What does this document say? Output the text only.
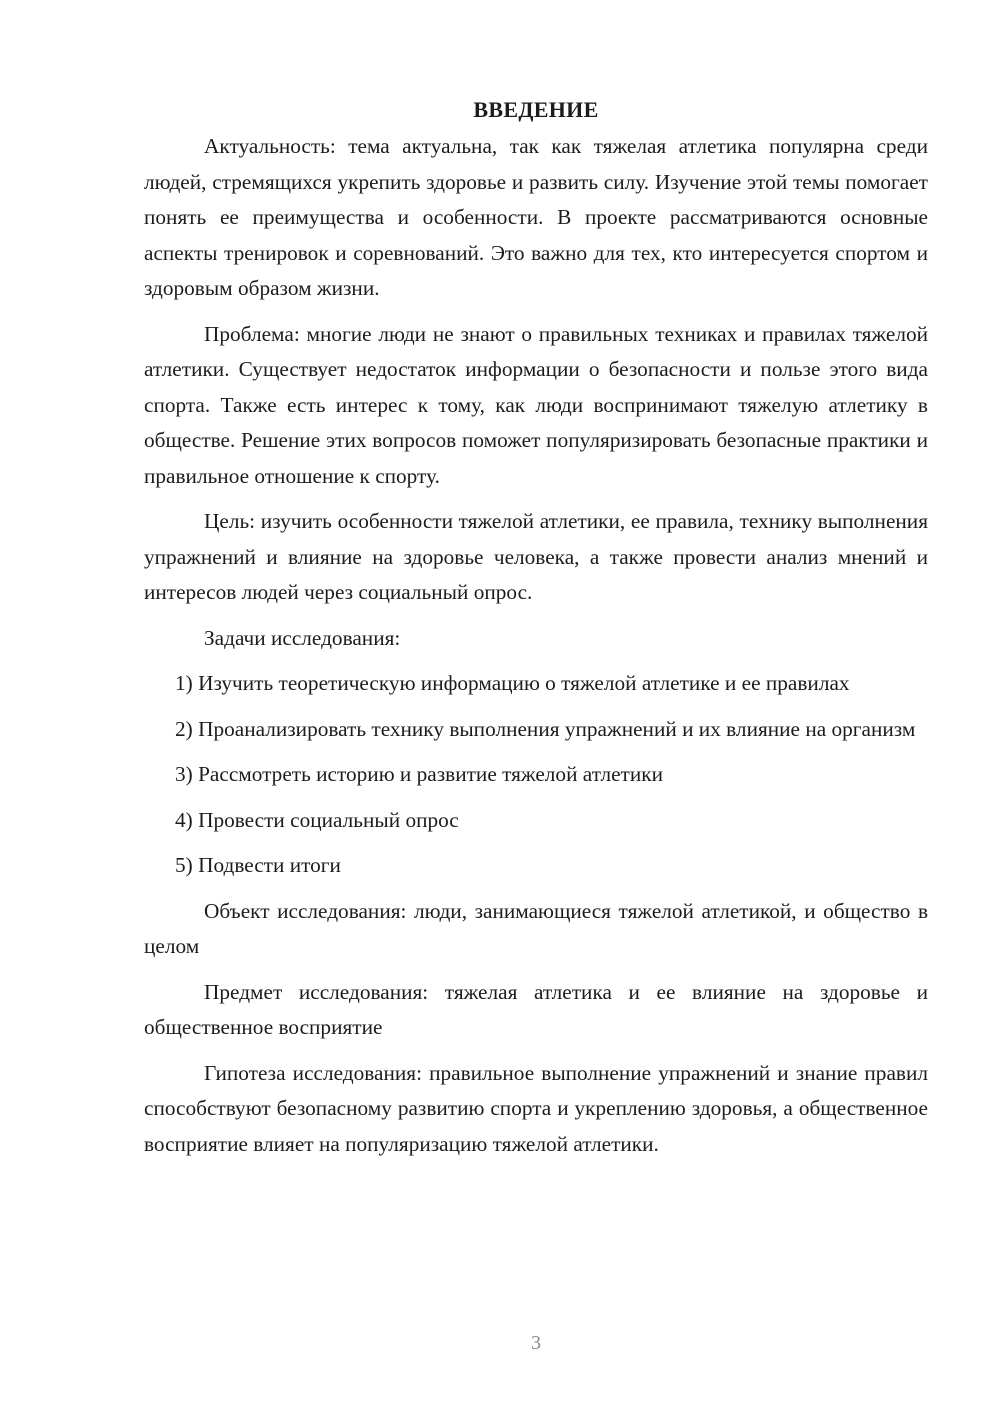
ВВЕДЕНИЕ

Актуальность: тема актуальна, так как тяжелая атлетика популярна среди людей, стремящихся укрепить здоровье и развить силу. Изучение этой темы помогает понять ее преимущества и особенности. В проекте рассматриваются основные аспекты тренировок и соревнований. Это важно для тех, кто интересуется спортом и здоровым образом жизни.

Проблема: многие люди не знают о правильных техниках и правилах тяжелой атлетики. Существует недостаток информации о безопасности и пользе этого вида спорта. Также есть интерес к тому, как люди воспринимают тяжелую атлетику в обществе. Решение этих вопросов поможет популяризировать безопасные практики и правильное отношение к спорту.

Цель: изучить особенности тяжелой атлетики, ее правила, технику выполнения упражнений и влияние на здоровье человека, а также провести анализ мнений и интересов людей через социальный опрос.

Задачи исследования:

1) Изучить теоретическую информацию о тяжелой атлетике и ее правилах

2) Проанализировать технику выполнения упражнений и их влияние на организм

3) Рассмотреть историю и развитие тяжелой атлетики

4) Провести социальный опрос

5) Подвести итоги

Объект исследования: люди, занимающиеся тяжелой атлетикой, и общество в целом

Предмет исследования: тяжелая атлетика и ее влияние на здоровье и общественное восприятие

Гипотеза исследования: правильное выполнение упражнений и знание правил способствуют безопасному развитию спорта и укреплению здоровья, а общественное восприятие влияет на популяризацию тяжелой атлетики.

3
